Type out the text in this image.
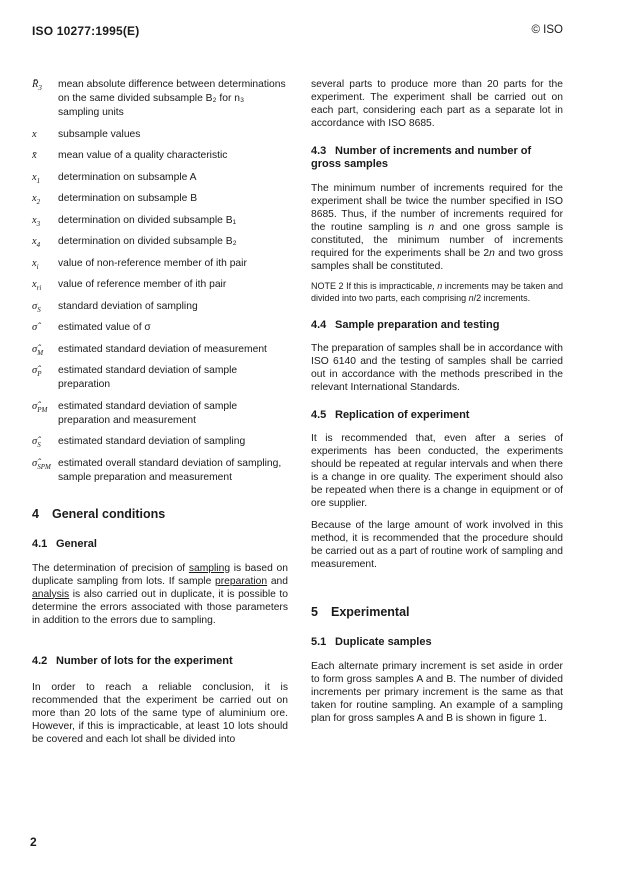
ISO 10277:1995(E)	© ISO
$R̄_3$ mean absolute difference between determinations on the same divided subsample B₂ for n₃ sampling units
x subsample values
x̄ mean value of a quality characteristic
$x_1$ determination on subsample A
$x_2$ determination on subsample B
$x_3$ determination on divided subsample B₁
$x_4$ determination on divided subsample B₂
$x_i$ value of non-reference member of ith pair
$x_{ri}$ value of reference member of ith pair
$\sigma_S$ standard deviation of sampling
σ̂ estimated value of σ
$\sigmâ_M$ estimated standard deviation of measurement
$\sigmâ_P$ estimated standard deviation of sample preparation
$\sigmâ_{PM}$ estimated standard deviation of sample preparation and measurement
$\sigmâ_S$ estimated standard deviation of sampling
$\sigmâ_{SPM}$ estimated overall standard deviation of sampling, sample preparation and measurement
4 General conditions
4.1 General

The determination of precision of sampling is based on duplicate sampling from lots. If sample preparation and analysis is also carried out in duplicate, it is possible to determine the errors associated with those parameters in addition to the errors due to sampling.

4.2 Number of lots for the experiment

In order to reach a reliable conclusion, it is recommended that the experiment be carried out on more than 20 lots of the same type of aluminium ore. However, if this is impracticable, at least 10 lots should be covered and each lot shall be divided into

several parts to produce more than 20 parts for the experiment. The experiment shall be carried out on each part, considering each part as a separate lot in accordance with ISO 8685.

4.3 Number of increments and number of gross samples

The minimum number of increments required for the experiment shall be twice the number specified in ISO 8685. Thus, if the number of increments required for the routine sampling is n and one gross sample is constituted, the minimum number of increments required for the experiments shall be 2n and two gross samples shall be constituted.

NOTE 2 If this is impracticable, n increments may be taken and divided into two parts, each comprising n/2 increments.

4.4 Sample preparation and testing

The preparation of samples shall be in accordance with ISO 6140 and the testing of samples shall be carried out in accordance with the methods prescribed in the relevant International Standards.

4.5 Replication of experiment

It is recommended that, even after a series of experiments has been conducted, the experiments should be repeated at regular intervals and when there is a change in ore quality. The experiment should also be repeated when there is a change in equipment or of ore supplier.

Because of the large amount of work involved in this method, it is recommended that the procedure should be carried out as a part of routine work of sampling and measurement.

5 Experimental
5.1 Duplicate samples

Each alternate primary increment is set aside in order to form gross samples A and B. The number of divided increments per primary increment is the same as that taken for routine sampling. An example of a sampling plan for gross samples A and B is shown in figure 1.

2
